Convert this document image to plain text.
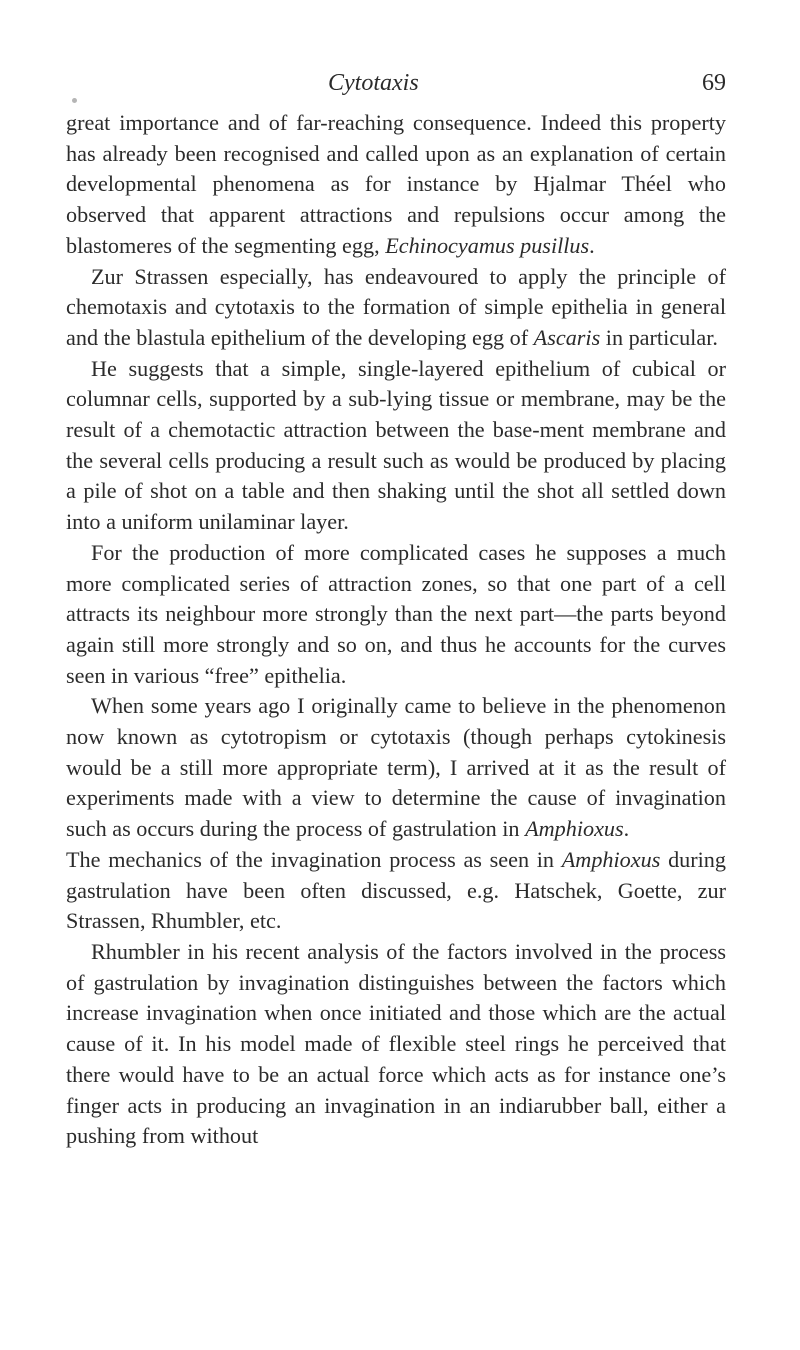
Cytotaxis	69

great importance and of far-reaching consequence. Indeed this property has already been recognised and called upon as an explanation of certain developmental phenomena as for instance by Hjalmar Théel who observed that apparent attractions and repulsions occur among the blastomeres of the segmenting egg, Echinocyamus pusillus.

Zur Strassen especially, has endeavoured to apply the principle of chemotaxis and cytotaxis to the formation of simple epithelia in general and the blastula epithelium of the developing egg of Ascaris in particular.

He suggests that a simple, single-layered epithelium of cubical or columnar cells, supported by a sub-lying tissue or membrane, may be the result of a chemotactic attraction between the base-ment membrane and the several cells producing a result such as would be produced by placing a pile of shot on a table and then shaking until the shot all settled down into a uniform unilaminar layer.

For the production of more complicated cases he supposes a much more complicated series of attraction zones, so that one part of a cell attracts its neighbour more strongly than the next part—the parts beyond again still more strongly and so on, and thus he accounts for the curves seen in various “free” epithelia.

When some years ago I originally came to believe in the phenomenon now known as cytotropism or cytotaxis (though perhaps cytokinesis would be a still more appropriate term), I arrived at it as the result of experiments made with a view to determine the cause of invagination such as occurs during the process of gastrulation in Amphioxus.

The mechanics of the invagination process as seen in Amphioxus during gastrulation have been often discussed, e.g. Hatschek, Goette, zur Strassen, Rhumbler, etc.

Rhumbler in his recent analysis of the factors involved in the process of gastrulation by invagination distinguishes between the factors which increase invagination when once initiated and those which are the actual cause of it. In his model made of flexible steel rings he perceived that there would have to be an actual force which acts as for instance one’s finger acts in producing an invagination in an indiarubber ball, either a pushing from without
